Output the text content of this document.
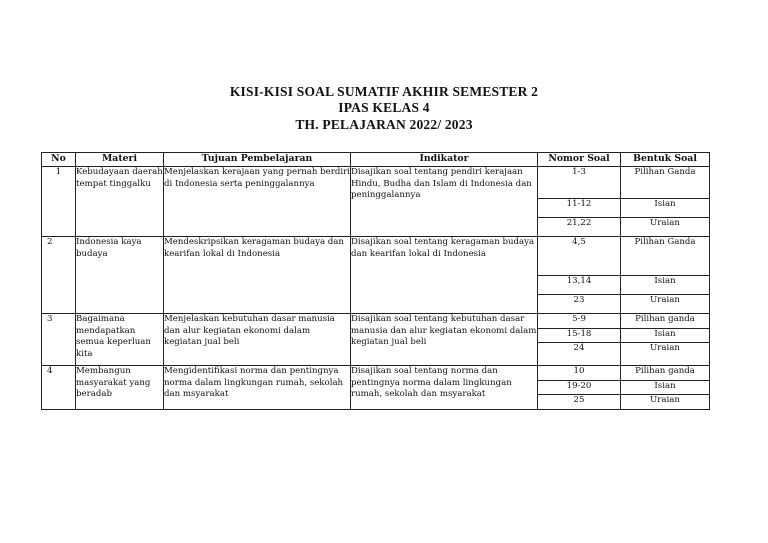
KISI-KISI SOAL SUMATIF AKHIR SEMESTER 2
IPAS KELAS 4
TH. PELAJARAN 2022/ 2023
No	Materi	Tujuan Pembelajaran	Indikator	Nomor Soal	Bentuk Soal
1	Kebudayaan daerah tempat tinggalku	Menjelaskan kerajaan yang pernah berdiri di Indonesia serta peninggalannya	Disajikan soal tentang pendiri kerajaan Hindu, Budha dan Islam di Indonesia dan peninggalannya	1-3	Pilihan Ganda
				11-12	Isian
				21,22	Uraian
2	Indonesia kaya budaya	Mendeskripsikan keragaman budaya dan kearifan lokal di Indonesia	Disajikan soal tentang keragaman budaya dan kearifan lokal di Indonesia	4,5	Pilihan Ganda
				13,14	Isian
				23	Uraian
3	Bagaimana mendapatkan semua keperluan kita	Menjelaskan kebutuhan dasar manusia dan alur kegiatan ekonomi dalam kegiatan jual beli	Disajikan soal tentang kebutuhan dasar manusia dan alur kegiatan ekonomi dalam kegiatan jual beli	5-9	Pilihan ganda
				15-18	Isian
				24	Uraian
4	Membangun masyarakat yang beradab	Mengidentifikasi norma dan pentingnya norma dalam lingkungan rumah, sekolah dan msyarakat	Disajikan soal tentang norma dan pentingnya norma dalam lingkungan rumah, sekolah dan msyarakat	10	Pilihan ganda
				19-20	Isian
				25	Uraian
